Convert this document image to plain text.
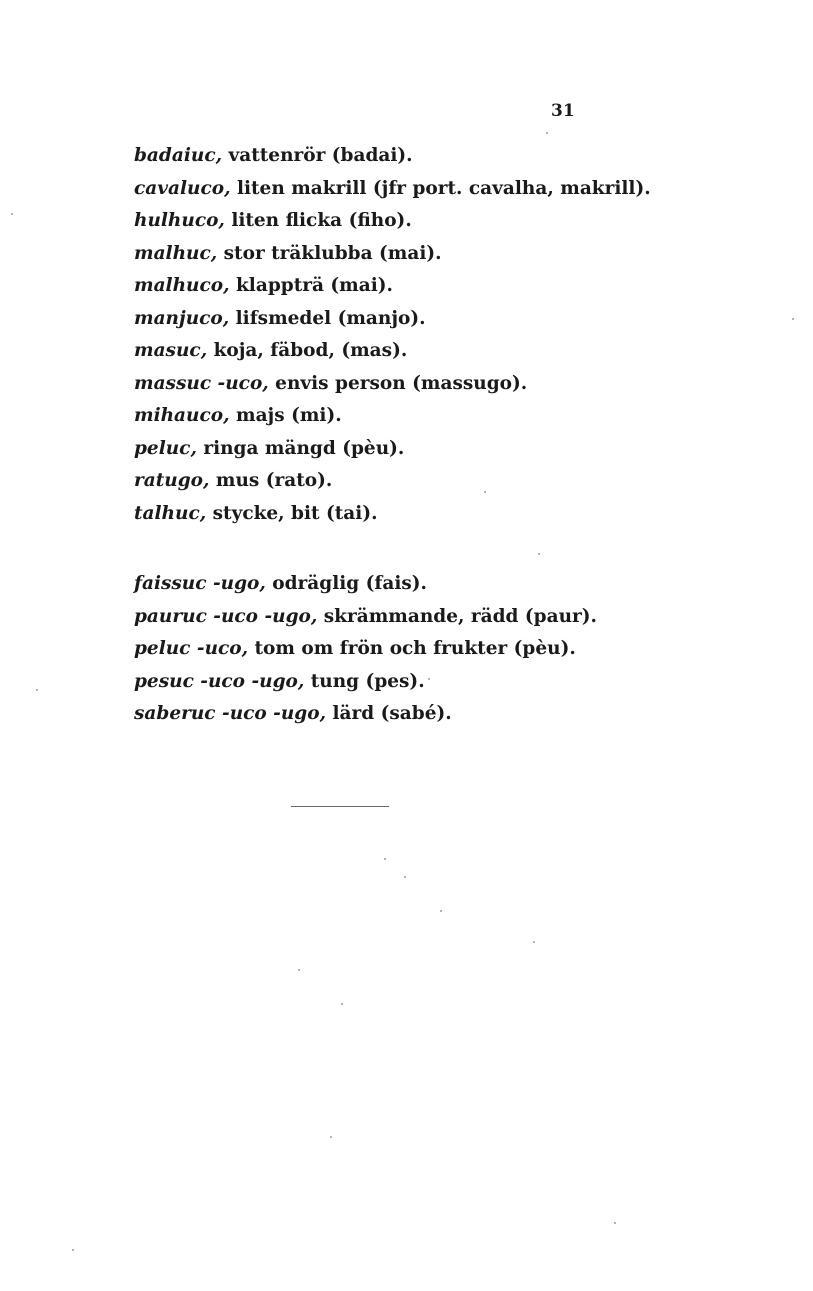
31
badaiuc, vattenrör (badai).
cavaluco, liten makrill (jfr port. cavalha, makrill).
hulhuco, liten flicka (fiho).
malhuc, stor träklubba (mai).
malhuco, klappträ (mai).
manjuco, lifsmedel (manjo).
masuc, koja, fäbod, (mas).
massuc -uco, envis person (massugo).
mihauco, majs (mi).
peluc, ringa mängd (pèu).
ratugo, mus (rato).
talhuc, stycke, bit (tai).
faissuc -ugo, odräglig (fais).
pauruc -uco -ugo, skrämmande, rädd (paur).
peluc -uco, tom om frön och frukter (pèu).
pesuc -uco -ugo, tung (pes).
saberuc -uco -ugo, lärd (sabé).
